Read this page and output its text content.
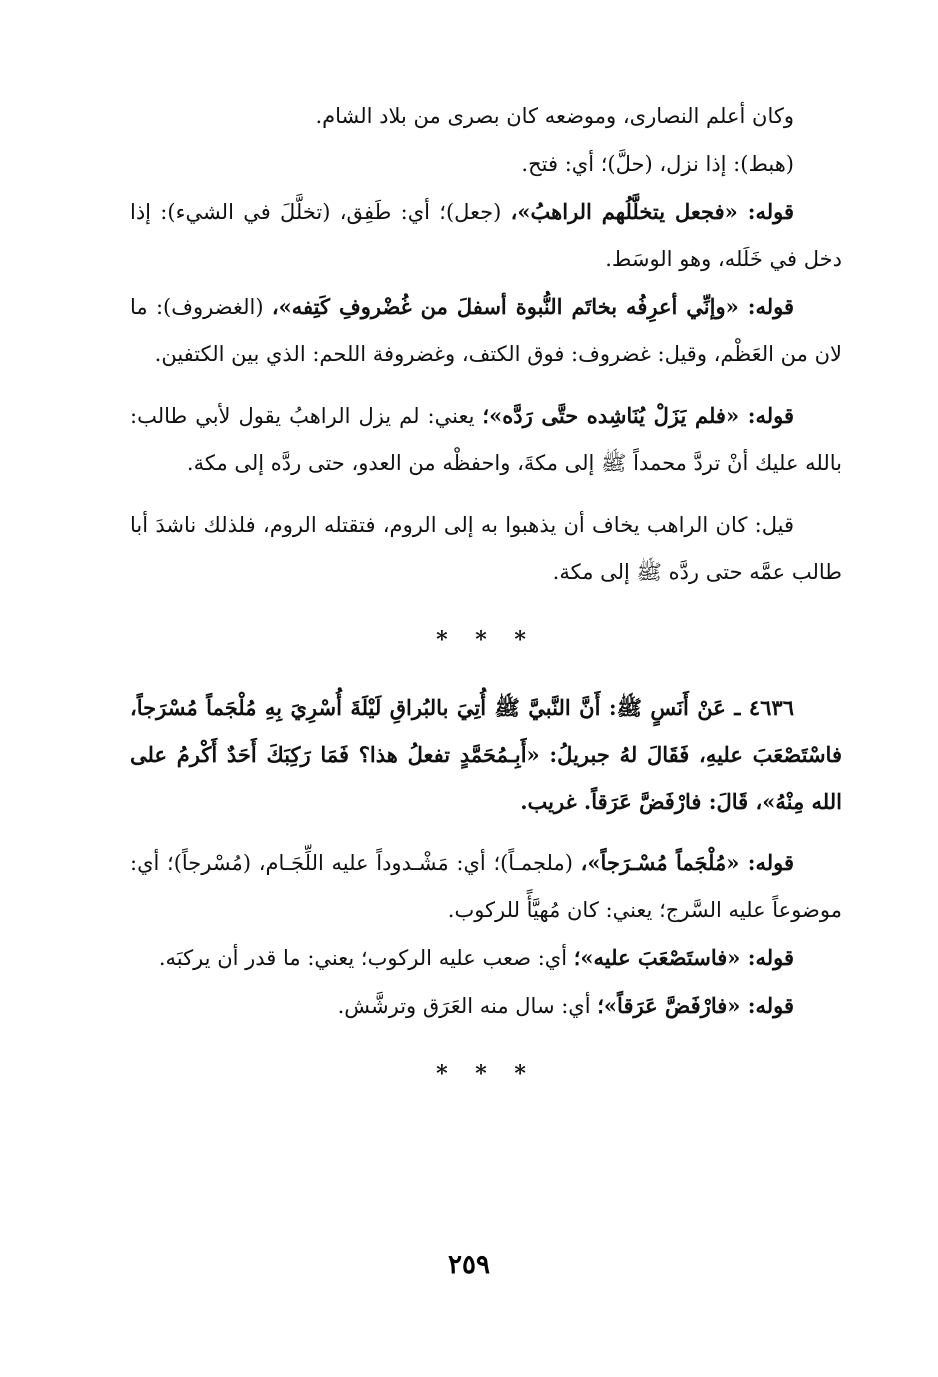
وكان أعلم النصارى، وموضعه كان بصرى من بلاد الشام.

(هبط): إذا نزل، (حلَّ)؛ أي: فتح.

قوله: «فجعل يتخلَّلُهم الراهبُ»، (جعل)؛ أي: طَفِق، (تخلَّلَ في الشيء): إذا دخل في خَلَله، وهو الوسَط.

قوله: «وإنِّي أعرِفُه بخاتَم النُّبوة أسفلَ من غُضْروفِ كَتِفه»، (الغضروف): ما لان من العَظْم، وقيل: غضروف: فوق الكتف، وغضروفة اللحم: الذي بين الكتفين.

قوله: «فلم يَزَلْ يُنَاشِده حتَّى رَدَّه»؛ يعني: لم يزل الراهبُ يقول لأبي طالب: بالله عليك أنْ تردَّ محمداً ﷺ إلى مكةَ، واحفظْه من العدو، حتى ردَّه إلى مكة.

قيل: كان الراهب يخاف أن يذهبوا به إلى الروم، فتقتله الروم، فلذلك ناشدَ أبا طالب عمَّه حتى ردَّه ﷺ إلى مكة.

* * *

٤٦٣٦ ـ عَنْ أَنَسٍ ﷺ: أَنَّ النَّبيَّ ﷺ أُتِيَ بالبُراقِ لَيْلَةَ أُسْرِيَ بِهِ مُلْجَماً مُسْرَجاً، فاسْتَصْعَبَ عليهِ، فَقَالَ لهُ جبريلُ: «أَبِـمُحَمَّدٍ تفعلُ هذا؟ فَمَا رَكِبَكَ أَحَدٌ أَكْرمُ على الله مِنْهُ»، قَالَ: فارْفَضَّ عَرَقاً. غريب.

قوله: «مُلْجَماً مُسْـرَجاً»، (ملجمـاً)؛ أي: مَشْـدوداً عليه اللِّجَـام، (مُسْرجاً)؛ أي: موضوعاً عليه السَّرج؛ يعني: كان مُهيَّأً للركوب.

قوله: «فاستَصْعَبَ عليه»؛ أي: صعب عليه الركوب؛ يعني: ما قدر أن يركبَه.

قوله: «فارْفَضَّ عَرَقاً»؛ أي: سال منه العَرَق وترشَّش.

* * *
٢٥٩
